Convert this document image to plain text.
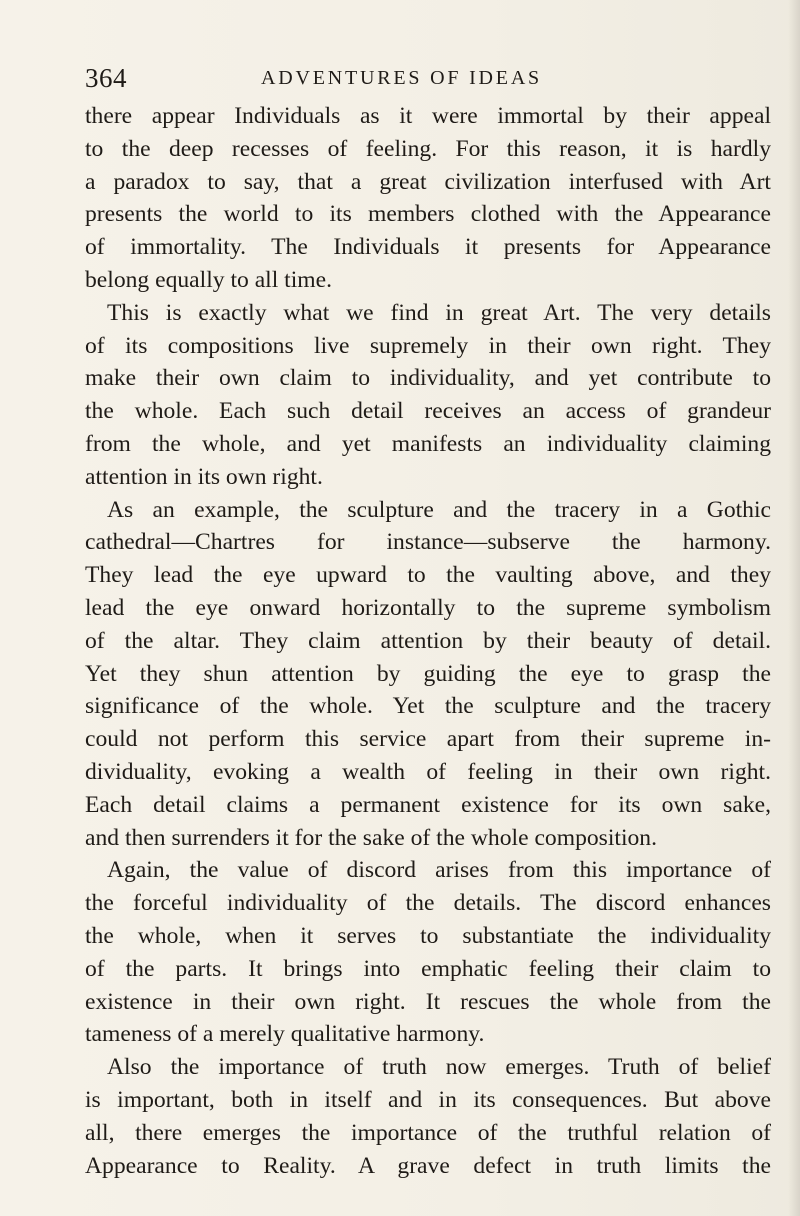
364	ADVENTURES OF IDEAS
there appear Individuals as it were immortal by their appeal
to the deep recesses of feeling. For this reason, it is hardly
a paradox to say, that a great civilization interfused with Art
presents the world to its members clothed with the Appearance
of immortality. The Individuals it presents for Appearance
belong equally to all time.
This is exactly what we find in great Art. The very details
of its compositions live supremely in their own right. They
make their own claim to individuality, and yet contribute to
the whole. Each such detail receives an access of grandeur
from the whole, and yet manifests an individuality claiming
attention in its own right.
As an example, the sculpture and the tracery in a Gothic
cathedral—Chartres for instance—subserve the harmony.
They lead the eye upward to the vaulting above, and they
lead the eye onward horizontally to the supreme symbolism
of the altar. They claim attention by their beauty of detail.
Yet they shun attention by guiding the eye to grasp the
significance of the whole. Yet the sculpture and the tracery
could not perform this service apart from their supreme in-
dividuality, evoking a wealth of feeling in their own right.
Each detail claims a permanent existence for its own sake,
and then surrenders it for the sake of the whole composition.
Again, the value of discord arises from this importance of
the forceful individuality of the details. The discord enhances
the whole, when it serves to substantiate the individuality
of the parts. It brings into emphatic feeling their claim to
existence in their own right. It rescues the whole from the
tameness of a merely qualitative harmony.
Also the importance of truth now emerges. Truth of belief
is important, both in itself and in its consequences. But above
all, there emerges the importance of the truthful relation of
Appearance to Reality. A grave defect in truth limits the
